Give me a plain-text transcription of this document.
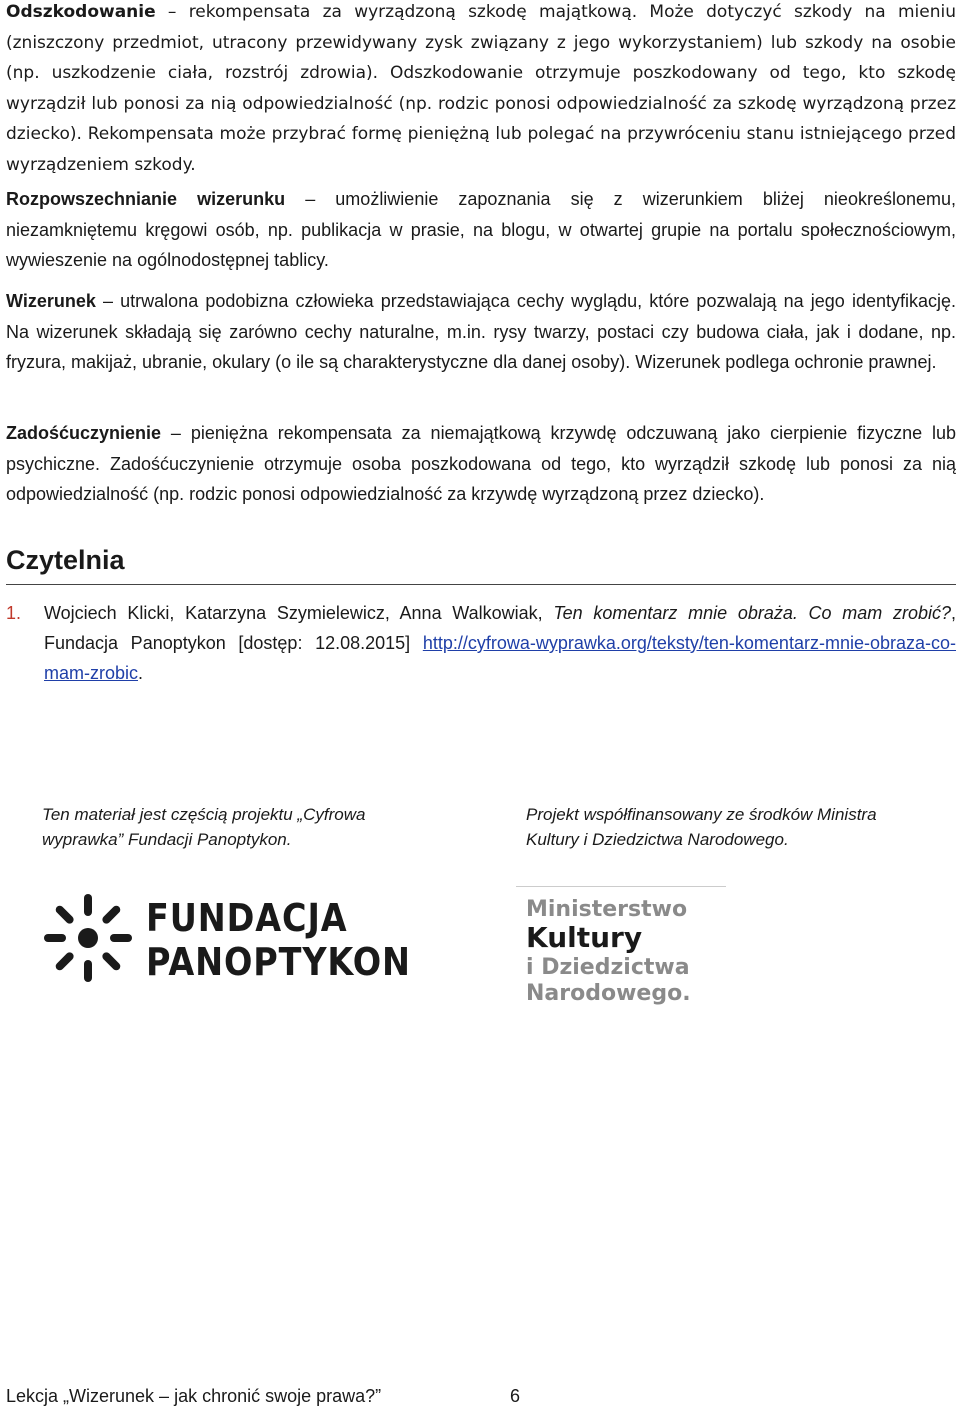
Odszkodowanie – rekompensata za wyrządzoną szkodę majątkową. Może dotyczyć szkody na mieniu (zniszczony przedmiot, utracony przewidywany zysk związany z jego wykorzystaniem) lub szkody na osobie (np. uszkodzenie ciała, rozstrój zdrowia). Odszkodowanie otrzymuje poszkodowany od tego, kto szkodę wyrządził lub ponosi za nią odpowiedzialność (np. rodzic ponosi odpowiedzialność za szkodę wyrządzoną przez dziecko). Rekompensata może przybrać formę pieniężną lub polegać na przywróceniu stanu istniejącego przed wyrządzeniem szkody.

Rozpowszechnianie wizerunku – umożliwienie zapoznania się z wizerunkiem bliżej nieokreślonemu, niezamkniętemu kręgowi osób, np. publikacja w prasie, na blogu, w otwartej grupie na portalu społecznościowym, wywieszenie na ogólnodostępnej tablicy.

Wizerunek – utrwalona podobizna człowieka przedstawiająca cechy wyglądu, które pozwalają na jego identyfikację. Na wizerunek składają się zarówno cechy naturalne, m.in. rysy twarzy, postaci czy budowa ciała, jak i dodane, np. fryzura, makijaż, ubranie, okulary (o ile są charakterystyczne dla danej osoby). Wizerunek podlega ochronie prawnej.

Zadośćuczynienie – pieniężna rekompensata za niemajątkową krzywdę odczuwaną jako cierpienie fizyczne lub psychiczne. Zadośćuczynienie otrzymuje osoba poszkodowana od tego, kto wyrządził szkodę lub ponosi za nią odpowiedzialność (np. rodzic ponosi odpowiedzialność za krzywdę wyrządzoną przez dziecko).

Czytelnia
1. Wojciech Klicki, Katarzyna Szymielewicz, Anna Walkowiak, Ten komentarz mnie obraża. Co mam zrobić?, Fundacja Panoptykon [dostęp: 12.08.2015] http://cyfrowa-wyprawka.org/teksty/ten-komentarz-mnie-obraza-co-mam-zrobic.
Ten materiał jest częścią projektu „Cyfrowa wyprawka” Fundacji Panoptykon.
Projekt współfinansowany ze środków Ministra Kultury i Dziedzictwa Narodowego.
FUNDACJA
PANOPTYKON
Ministerstwo
Kultury
i Dziedzictwa
Narodowego.
Lekcja „Wizerunek – jak chronić swoje prawa?”	6
